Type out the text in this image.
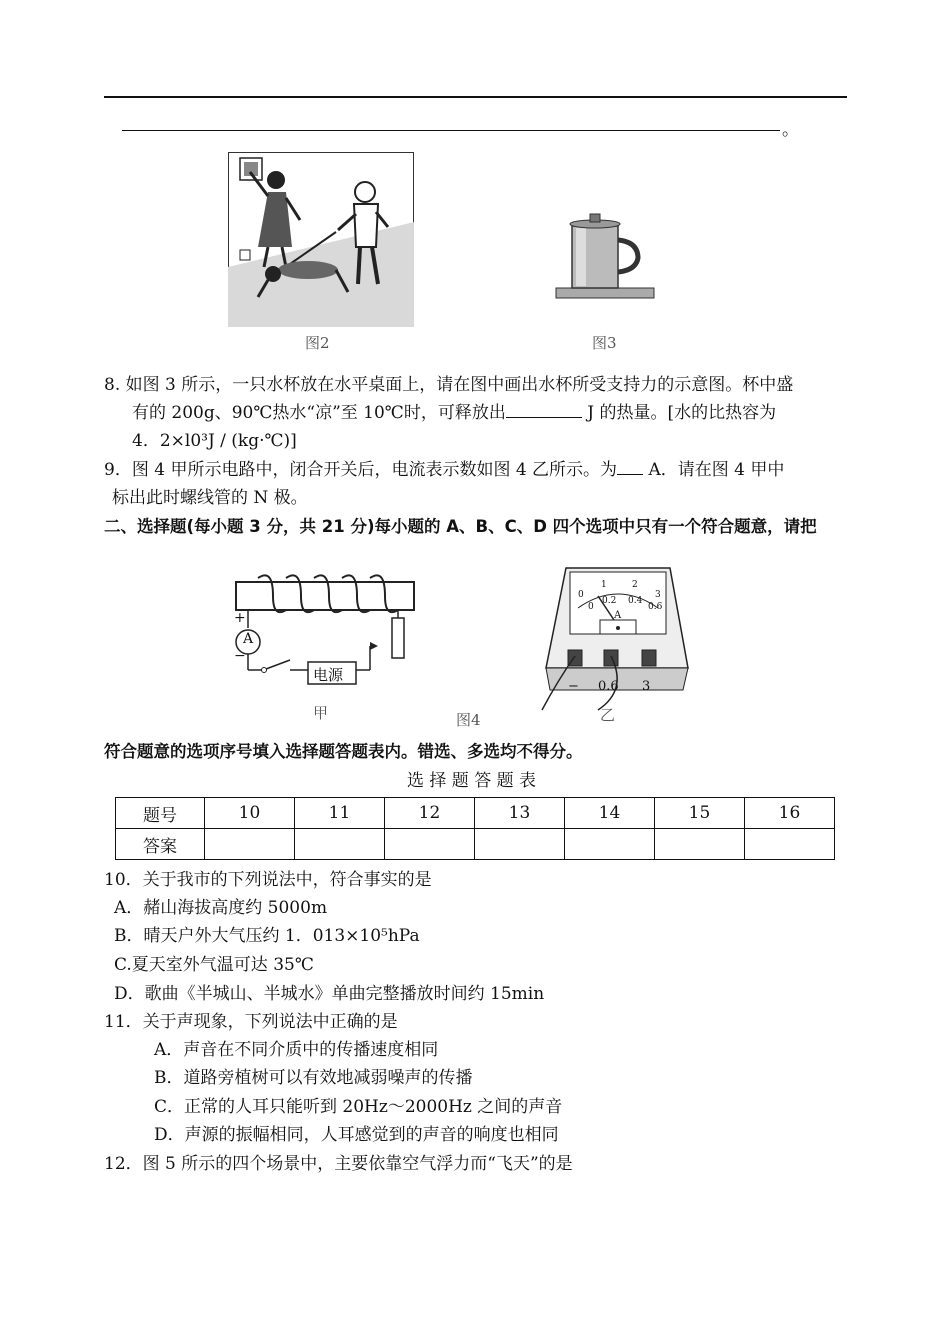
。
图2	图3
8. 如图 3 所示，一只水杯放在水平桌面上，请在图中画出水杯所受支持力的示意图。杯中盛
有的 200g、90℃热水“凉”至 10℃时，可释放出	J 的热量。[水的比热容为
4．2×l0³J / (kg·℃)]
9．图 4 甲所示电路中，闭合开关后，电流表示数如图 4 乙所示。为 A．请在图 4 甲中
标出此时螺线管的 N 极。
二、选择题(每小题 3 分，共 21 分)每小题的 A、B、C、D 四个选项中只有一个符合题意，请把
+
A
−
电源
甲	图4
0
1	2
3
0
0.2 0.4
0.6
A
− 0.6 3
乙
符合题意的选项序号填入选择题答题表内。错选、多选均不得分。
选 择 题 答 题 表
题号	10	11	12	13	14	15	16
答案							
10．关于我市的下列说法中，符合事实的是
A．赭山海拔高度约 5000m
B．晴天户外大气压约 1．013×10⁵hPa
C.夏天室外气温可达 35℃
D．歌曲《半城山、半城水》单曲完整播放时间约 15min
11．关于声现象，下列说法中正确的是
A．声音在不同介质中的传播速度相同
B．道路旁植树可以有效地减弱噪声的传播
C．正常的人耳只能听到 20Hz～2000Hz 之间的声音
D．声源的振幅相同，人耳感觉到的声音的响度也相同
12．图 5 所示的四个场景中，主要依靠空气浮力而“飞天”的是
